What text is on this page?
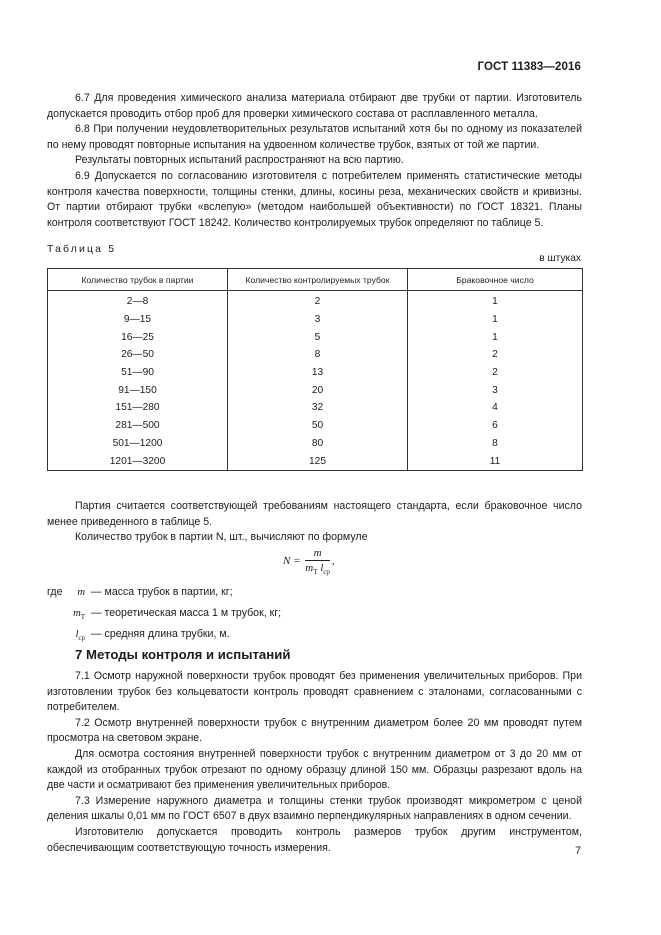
ГОСТ 11383—2016

6.7 Для проведения химического анализа материала отбирают две трубки от партии. Изготовитель допускается проводить отбор проб для проверки химического состава от расплавленного металла.

6.8 При получении неудовлетворительных результатов испытаний хотя бы по одному из показателей по нему проводят повторные испытания на удвоенном количестве трубок, взятых от той же партии.

Результаты повторных испытаний распространяют на всю партию.

6.9 Допускается по согласованию изготовителя с потребителем применять статистические методы контроля качества поверхности, толщины стенки, длины, косины реза, механических свойств и кривизны. От партии отбирают трубки «вслепую» (методом наибольшей объективности) по ГОСТ 18321. Планы контроля соответствуют ГОСТ 18242. Количество контролируемых трубок определяют по таблице 5.

Таблица 5
в штуках
Количество трубок в партии	Количество контролируемых трубок	Браковочное число
2—8	2	1
9—15	3	1
16—25	5	1
26—50	8	2
51—90	13	2
91—150	20	3
151—280	32	4
281—500	50	6
501—1200	80	8
1201—3200	125	11

Партия считается соответствующей требованиям настоящего стандарта, если браковочное число менее приведенного в таблице 5.

Количество трубок в партии N, шт., вычисляют по формуле

$N = \frac{m}{m_T l_{ср}}$ ,
где	m — масса трубок в партии, кг;
$m_T$ — теоретическая масса 1 м трубок, кг;
$l_{ср}$ — средняя длина трубки, м.
7 Методы контроля и испытаний

7.1 Осмотр наружной поверхности трубок проводят без применения увеличительных приборов. При изготовлении трубок без кольцеватости контроль проводят сравнением с эталонами, согласованными с потребителем.

7.2 Осмотр внутренней поверхности трубок с внутренним диаметром более 20 мм проводят путем просмотра на световом экране.

Для осмотра состояния внутренней поверхности трубок с внутренним диаметром от 3 до 20 мм от каждой из отобранных трубок отрезают по одному образцу длиной 150 мм. Образцы разрезают вдоль на две части и осматривают без применения увеличительных приборов.

7.3 Измерение наружного диаметра и толщины стенки трубок производят микрометром с ценой деления шкалы 0,01 мм по ГОСТ 6507 в двух взаимно перпендикулярных направлениях в одном сечении.

Изготовителю допускается проводить контроль размеров трубок другим инструментом, обеспечивающим соответствующую точность измерения.	7
